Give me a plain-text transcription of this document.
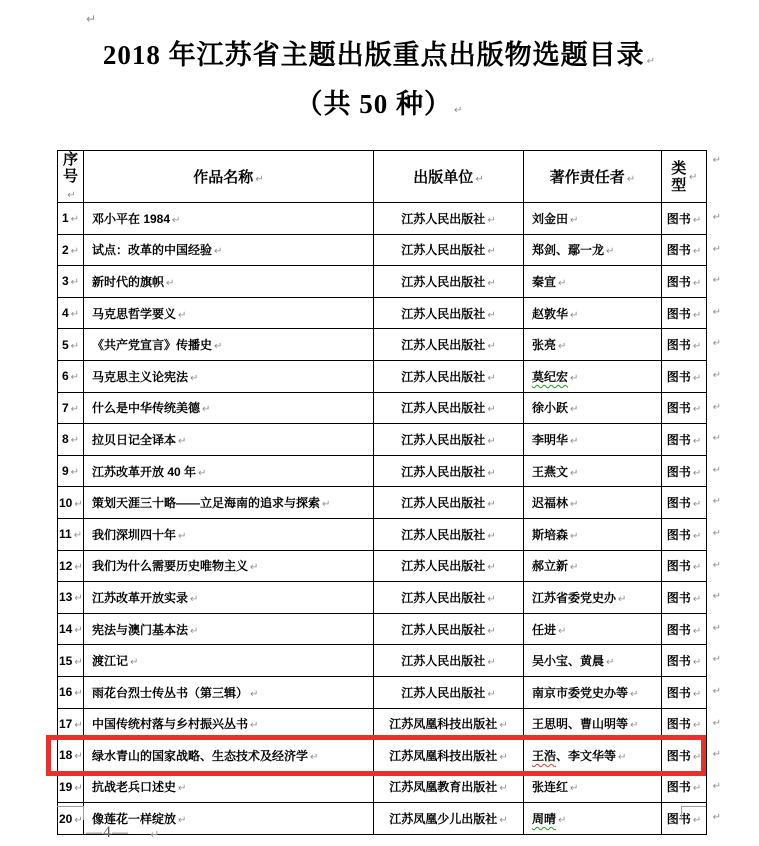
↵
2018 年江苏省主题出版重点出版物选题目录 ↵
（共 50 种） ↵
序号↵	作品名称 ↵	出版单位 ↵	著作责任者 ↵	类型 ↵
↵

1 ↵	邓小平在 1984 ↵	江苏人民出版社 ↵	刘金田 ↵	图书 ↵
↵
2 ↵	试点：改革的中国经验 ↵	江苏人民出版社 ↵	郑剑、鄢一龙 ↵	图书 ↵
↵
3 ↵	新时代的旗帜 ↵	江苏人民出版社 ↵	秦宣 ↵	图书 ↵
↵
4 ↵	马克思哲学要义 ↵	江苏人民出版社 ↵	赵敦华 ↵	图书 ↵
↵
5 ↵	《共产党宣言》传播史 ↵	江苏人民出版社 ↵	张亮 ↵	图书 ↵
↵
6 ↵	马克思主义论宪法 ↵	江苏人民出版社 ↵	莫纪宏 ↵	图书 ↵
↵
7 ↵	什么是中华传统美德 ↵	江苏人民出版社 ↵	徐小跃 ↵	图书 ↵
↵
8 ↵	拉贝日记全译本 ↵	江苏人民出版社 ↵	李明华 ↵	图书 ↵
↵
9 ↵	江苏改革开放 40 年 ↵	江苏人民出版社 ↵	王燕文 ↵	图书 ↵
↵
10 ↵	策划天涯三十略——立足海南的追求与探索 ↵	江苏人民出版社 ↵	迟福林 ↵	图书 ↵
↵
11 ↵	我们深圳四十年 ↵	江苏人民出版社 ↵	斯培森 ↵	图书 ↵
↵
12 ↵	我们为什么需要历史唯物主义 ↵	江苏人民出版社 ↵	郝立新 ↵	图书 ↵
↵
13 ↵	江苏改革开放实录 ↵	江苏人民出版社 ↵	江苏省委党史办 ↵	图书 ↵
↵
14 ↵	宪法与澳门基本法 ↵	江苏人民出版社 ↵	任进 ↵	图书 ↵
↵
15 ↵	渡江记 ↵	江苏人民出版社 ↵	吴小宝、黄晨 ↵	图书 ↵
↵
16 ↵	雨花台烈士传丛书（第三辑） ↵	江苏人民出版社 ↵	南京市委党史办等 ↵	图书 ↵
↵
17 ↵	中国传统村落与乡村振兴丛书 ↵	江苏凤凰科技出版社 ↵	王思明、曹山明等 ↵	图书 ↵
↵
18 ↵	绿水青山的国家战略、生态技术及经济学 ↵	江苏凤凰科技出版社 ↵	王浩、李文华等 ↵	图书 ↵
↵
19 ↵	抗战老兵口述史 ↵	江苏凤凰教育出版社 ↵	张连红 ↵	图书 ↵
↵
20 ↵	像莲花一样绽放 ↵	江苏凤凰少儿出版社 ↵	周晴 ↵	图书 ↵
↵
—4— ↵
